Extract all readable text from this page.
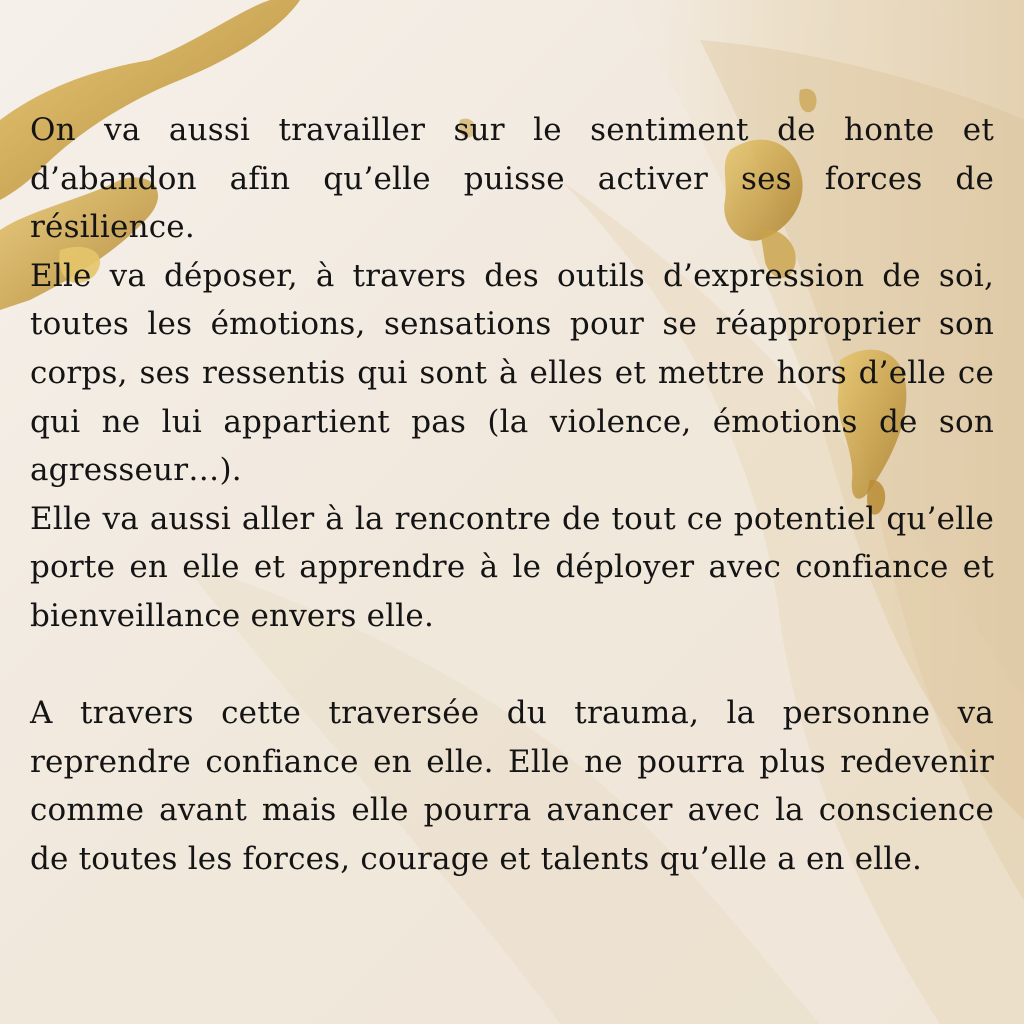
On va aussi travailler sur le sentiment de honte et d’abandon afin qu’elle puisse activer ses forces de résilience.

Elle va déposer, à travers des outils d’expression de soi, toutes les émotions, sensations pour se réapproprier son corps, ses ressentis qui sont à elles et mettre hors d’elle ce qui ne lui appartient pas (la violence, émotions de son agresseur…).

Elle va aussi aller à la rencontre de tout ce potentiel qu’elle porte en elle et apprendre à le déployer avec confiance et bienveillance envers elle.

A travers cette traversée du trauma, la personne va reprendre confiance en elle. Elle ne pourra plus redevenir comme avant mais elle pourra avancer avec la conscience de toutes les forces, courage et talents qu’elle a en elle.
